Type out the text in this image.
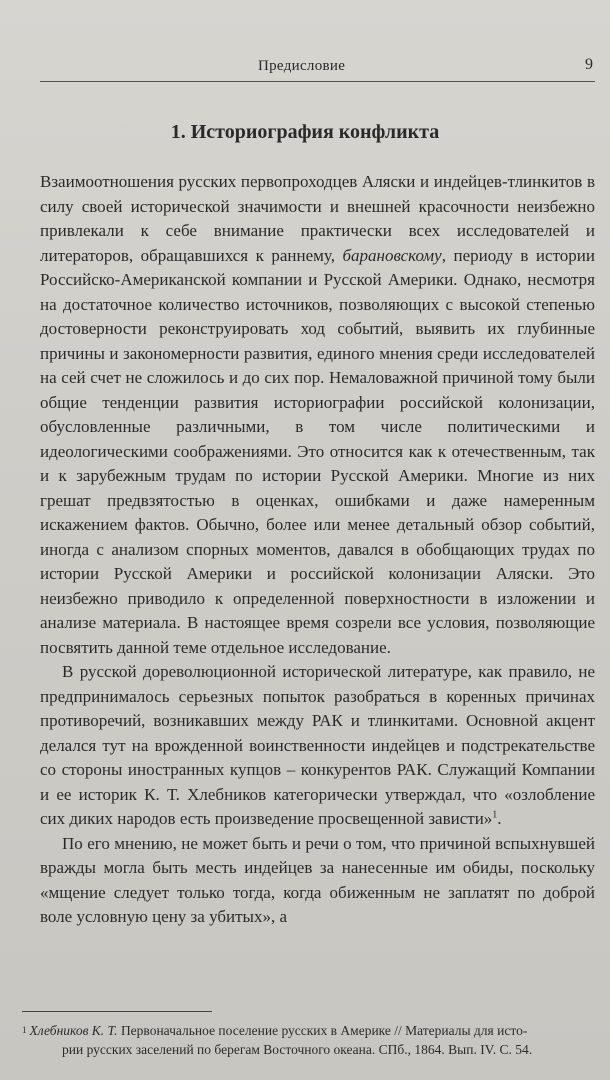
Предисловие	9
1. Историография конфликта

Взаимоотношения русских первопроходцев Аляски и индейцев-тлинкитов в силу своей исторической значимости и внешней красочности неизбежно привлекали к себе внимание практически всех исследователей и литераторов, обращавшихся к раннему, барановскому, периоду в истории Российско-Американской компании и Русской Америки. Однако, несмотря на достаточное количество источников, позволяющих с высокой степенью достоверности реконструировать ход событий, выявить их глубинные причины и закономерности развития, единого мнения среди исследователей на сей счет не сложилось и до сих пор. Немаловажной причиной тому были общие тенденции развития историографии российской колонизации, обусловленные различными, в том числе политическими и идеологическими соображениями. Это относится как к отечественным, так и к зарубежным трудам по истории Русской Америки. Многие из них грешат предвзятостью в оценках, ошибками и даже намеренным искажением фактов. Обычно, более или менее детальный обзор событий, иногда с анализом спорных моментов, давался в обобщающих трудах по истории Русской Америки и российской колонизации Аляски. Это неизбежно приводило к определенной поверхностности в изложении и анализе материала. В настоящее время созрели все условия, позволяющие посвятить данной теме отдельное исследование.

В русской дореволюционной исторической литературе, как правило, не предпринималось серьезных попыток разобраться в коренных причинах противоречий, возникавших между РАК и тлинкитами. Основной акцент делался тут на врожденной воинственности индейцев и подстрекательстве со стороны иностранных купцов – конкурентов РАК. Служащий Компании и ее историк К. Т. Хлебников категорически утверждал, что «озлобление сих диких народов есть произведение просвещенной зависти»$^1$.

По его мнению, не может быть и речи о том, что причиной вспыхнувшей вражды могла быть месть индейцев за нанесенные им обиды, поскольку «мщение следует только тогда, когда обиженным не заплатят по доброй воле условную цену за убитых», а

$^1$ Хлебников К. Т. Первоначальное поселение русских в Америке // Материалы для исто-
рии русских заселений по берегам Восточного океана. СПб., 1864. Вып. IV. С. 54.
